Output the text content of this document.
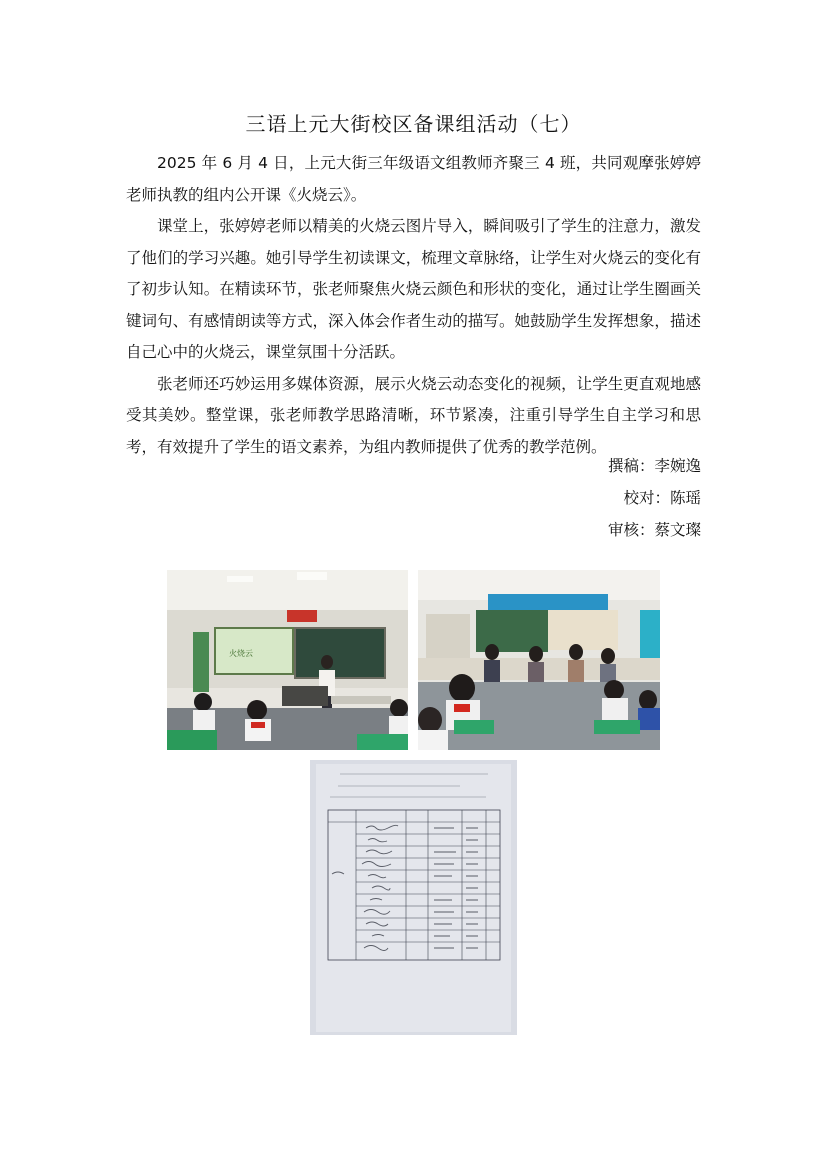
三语上元大街校区备课组活动（七）

2025 年 6 月 4 日，上元大街三年级语文组教师齐聚三 4 班，共同观摩张婷婷老师执教的组内公开课《火烧云》。

课堂上，张婷婷老师以精美的火烧云图片导入，瞬间吸引了学生的注意力，激发了他们的学习兴趣。她引导学生初读课文，梳理文章脉络，让学生对火烧云的变化有了初步认知。在精读环节，张老师聚焦火烧云颜色和形状的变化，通过让学生圈画关键词句、有感情朗读等方式，深入体会作者生动的描写。她鼓励学生发挥想象，描述自己心中的火烧云，课堂氛围十分活跃。

张老师还巧妙运用多媒体资源，展示火烧云动态变化的视频，让学生更直观地感受其美妙。整堂课，张老师教学思路清晰，环节紧凑，注重引导学生自主学习和思考，有效提升了学生的语文素养，为组内教师提供了优秀的教学范例。

撰稿：李婉逸
校对：陈瑶
审核：蔡文璨
火烧云
